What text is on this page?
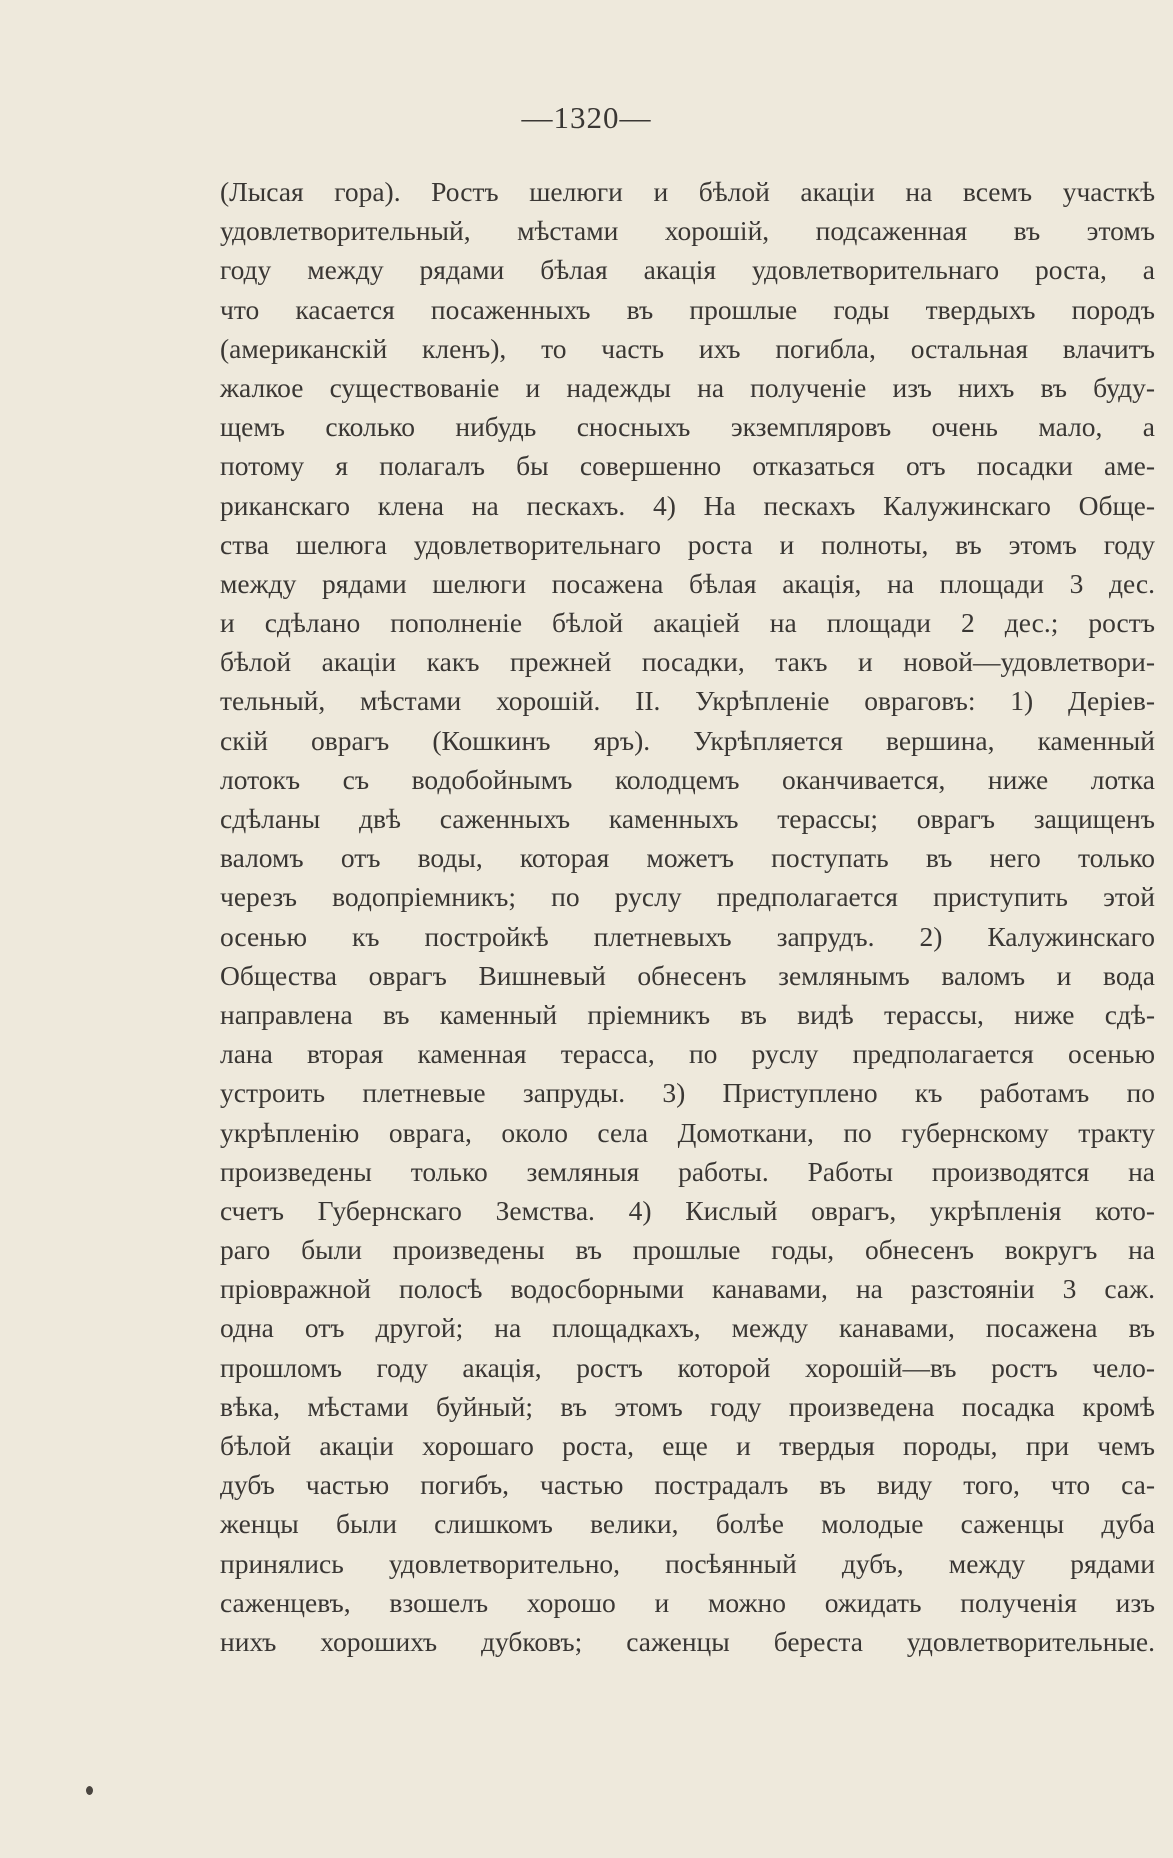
—1320—
(Лысая гора). Ростъ шелюги и бѣлой акаціи на всемъ участкѣ
удовлетворительный, мѣстами хорошій, подсаженная въ этомъ
году между рядами бѣлая акація удовлетворительнаго роста, а
что касается посаженныхъ въ прошлые годы твердыхъ породъ
(американскій кленъ), то часть ихъ погибла, остальная влачитъ
жалкое существованіе и надежды на полученіе изъ нихъ въ буду-
щемъ сколько нибудь сносныхъ экземпляровъ очень мало, а
потому я полагалъ бы совершенно отказаться отъ посадки аме-
риканскаго клена на пескахъ. 4) На пескахъ Калужинскаго Обще-
ства шелюга удовлетворительнаго роста и полноты, въ этомъ году
между рядами шелюги посажена бѣлая акація, на площади 3 дес.
и сдѣлано пополненіе бѣлой акаціей на площади 2 дес.; ростъ
бѣлой акаціи какъ прежней посадки, такъ и новой—удовлетвори-
тельный, мѣстами хорошій. II. Укрѣпленіе овраговъ: 1) Деріев-
скій оврагъ (Кошкинъ яръ). Укрѣпляется вершина, каменный
лотокъ съ водобойнымъ колодцемъ оканчивается, ниже лотка
сдѣланы двѣ саженныхъ каменныхъ терассы; оврагъ защищенъ
валомъ отъ воды, которая можетъ поступать въ него только
черезъ водопріемникъ; по руслу предполагается приступить этой
осенью къ постройкѣ плетневыхъ запрудъ. 2) Калужинскаго
Общества оврагъ Вишневый обнесенъ землянымъ валомъ и вода
направлена въ каменный пріемникъ въ видѣ терассы, ниже сдѣ-
лана вторая каменная терасса, по руслу предполагается осенью
устроить плетневые запруды. 3) Приступлено къ работамъ по
укрѣпленію оврага, около села Домоткани, по губернскому тракту
произведены только земляныя работы. Работы производятся на
счетъ Губернскаго Земства. 4) Кислый оврагъ, укрѣпленія кото-
раго были произведены въ прошлые годы, обнесенъ вокругъ на
пріовражной полосѣ водосборными канавами, на разстояніи 3 саж.
одна отъ другой; на площадкахъ, между канавами, посажена въ
прошломъ году акація, ростъ которой хорошій—въ ростъ чело-
вѣка, мѣстами буйный; въ этомъ году произведена посадка кромѣ
бѣлой акаціи хорошаго роста, еще и твердыя породы, при чемъ
дубъ частью погибъ, частью пострадалъ въ виду того, что са-
женцы были слишкомъ велики, болѣе молодые саженцы дуба
принялись удовлетворительно, посѣянный дубъ, между рядами
саженцевъ, взошелъ хорошо и можно ожидать полученія изъ
нихъ хорошихъ дубковъ; саженцы береста удовлетворительные.
